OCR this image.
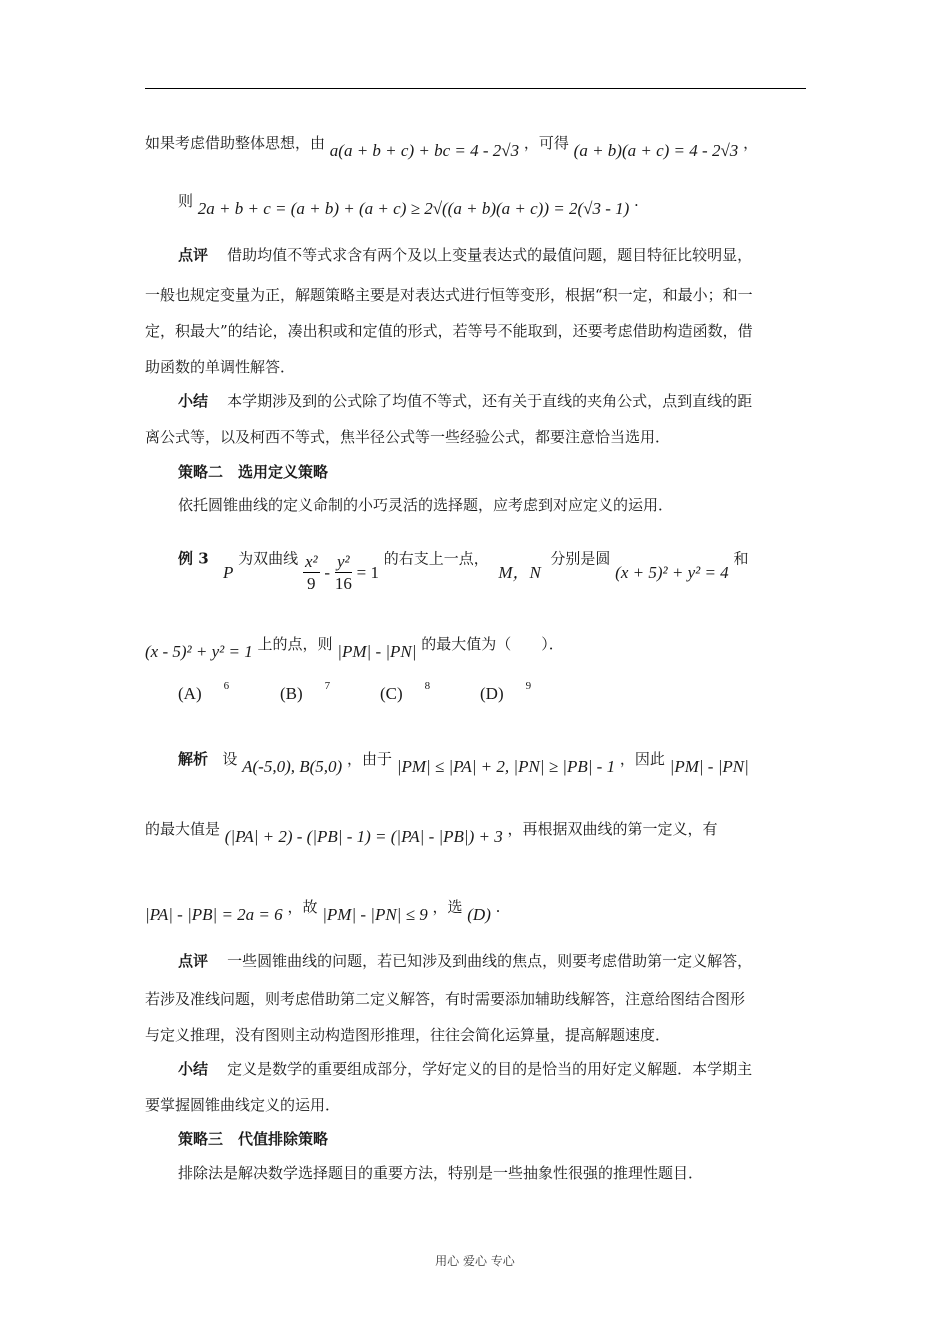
如果考虑借助整体思想，由 a(a + b + c) + bc = 4 - 2√3 ，可得 (a + b)(a + c) = 4 - 2√3 ，
则 2a + b + c = (a + b) + (a + c) ≥ 2√((a + b)(a + c)) = 2(√3 - 1) .
点评 借助均值不等式求含有两个及以上变量表达式的最值问题，题目特征比较明显，
一般也规定变量为正，解题策略主要是对表达式进行恒等变形，根据“积一定，和最小；和一
定，积最大”的结论，凑出积或和定值的形式，若等号不能取到，还要考虑借助构造函数，借
助函数的单调性解答．
小结 本学期涉及到的公式除了均值不等式，还有关于直线的夹角公式，点到直线的距
离公式等，以及柯西不等式，焦半径公式等一些经验公式，都要注意恰当选用．
策略二　选用定义策略
依托圆锥曲线的定义命制的小巧灵活的选择题，应考虑到对应定义的运用．
例 3   P 为双曲线 $\frac{\text{x²}}{9} - \frac{\text{y²}}{16} = 1$ 的右支上一点，  M，N  分别是圆 (x + 5)² + y² = 4 和
(x - 5)² + y² = 1 上的点，则 |PM| - |PN| 的最大值为（　　）．
(A) $^6$	(B) $^7$	(C) $^8$	(D) $^9$
解析 设 A(-5,0), B(5,0) ，由于 |PM| ≤ |PA| + 2, |PN| ≥ |PB| - 1 ，因此 |PM| - |PN|
的最大值是 (|PA| + 2) - (|PB| - 1) = (|PA| - |PB|) + 3 ，再根据双曲线的第一定义，有
|PA| - |PB| = 2a = 6 ，故 |PM| - |PN| ≤ 9 ，选 (D) .
点评 一些圆锥曲线的问题，若已知涉及到曲线的焦点，则要考虑借助第一定义解答，
若涉及准线问题，则考虑借助第二定义解答，有时需要添加辅助线解答，注意给图结合图形
与定义推理，没有图则主动构造图形推理，往往会简化运算量，提高解题速度．
小结 定义是数学的重要组成部分，学好定义的目的是恰当的用好定义解题．本学期主
要掌握圆锥曲线定义的运用．
策略三　代值排除策略
排除法是解决数学选择题目的重要方法，特别是一些抽象性很强的推理性题目．
用心 爱心 专心
